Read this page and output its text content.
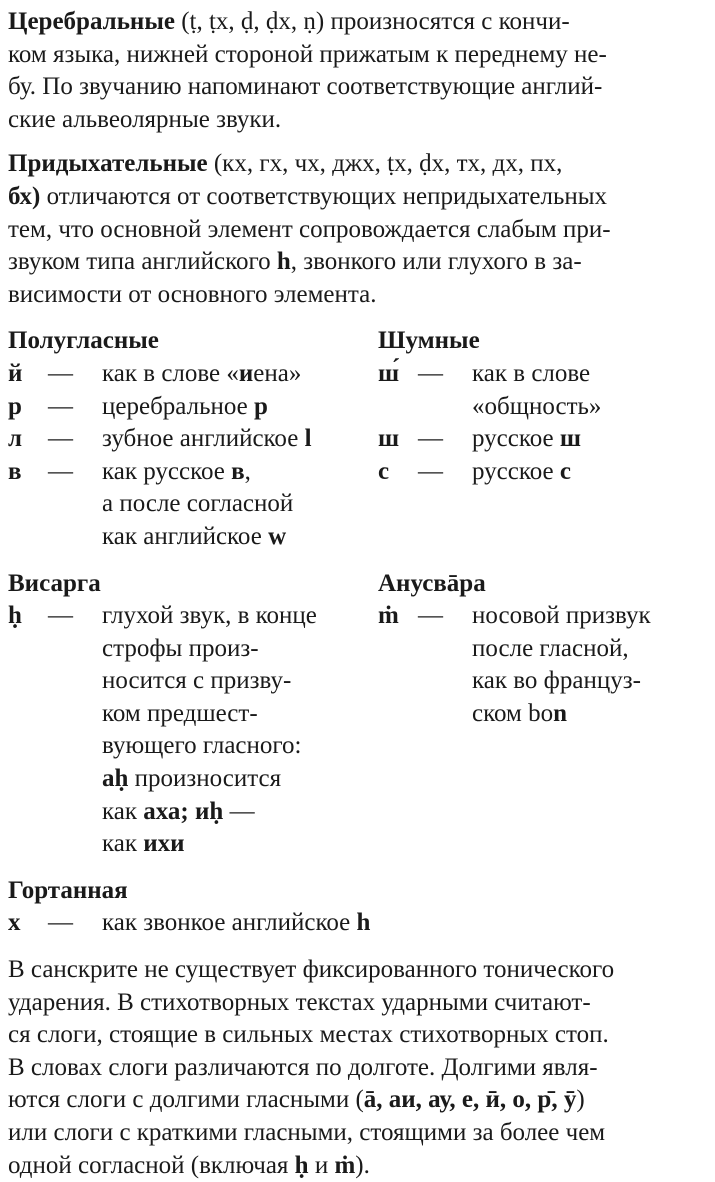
Церебральные (ṭ, ṭх, ḍ, ḍх, ṇ) произносятся с кончи-
ком языка, нижней стороной прижатым к переднему не-
бу. По звучанию напоминают соответствующие англий-
ские альвеолярные звуки.
Придыхательные (кх, гх, чх, джх, ṭх, ḍх, тх, дх, пх,
бх) отличаются от соответствующих непридыхательных
тем, что основной элемент сопровождается слабым при-
звуком типа английского h, звонкого или глухого в за-
висимости от основного элемента.
Полугласные
й	—	как в слове «иена»
р	—	церебральное р
л	—	зубное английское l
в	—	как русское в,
а после согласной
как английское w
Шумные
ш́ —	как в слове
«общность»
ш —	русское ш
с	—	русское с
Висарга
ḥ	—	глухой звук, в конце
строфы произ-
носится с призву-
ком предшест-
вующего гласного:
аḥ произносится
как аха; иḥ —
как ихи
Анусвāра
ṁ —	носовой призвук
после гласной,
как во француз-
ском bon
Гортанная
х	—	как звонкое английское h
В санскрите не существует фиксированного тонического
ударения. В стихотворных текстах ударными считают-
ся слоги, стоящие в сильных местах стихотворных стоп.
В словах слоги различаются по долготе. Долгими явля-
ются слоги с долгими гласными (ā, аи, ау, е, ӣ, о, р̄, ӯ)
или слоги с краткими гласными, стоящими за более чем
одной согласной (включая ḥ и ṁ).
